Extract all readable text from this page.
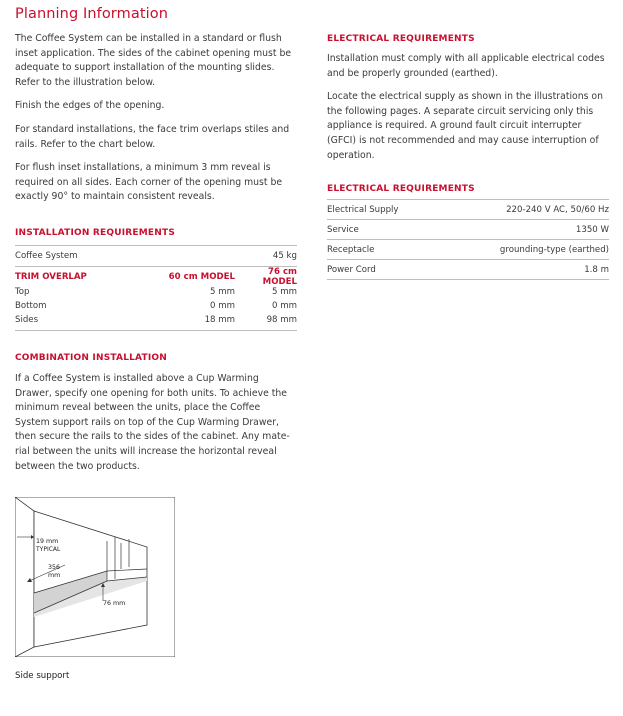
Planning Information

The Coffee System can be installed in a standard or flush inset application. The sides of the cabinet opening must be adequate to support installation of the mounting slides. Refer to the illustration below.

Finish the edges of the opening.

For standard installations, the face trim overlaps stiles and rails. Refer to the chart below.

For flush inset installations, a minimum 3 mm reveal is required on all sides. Each corner of the opening must be exactly 90° to maintain consistent reveals.

INSTALLATION REQUIREMENTS
Coffee System	45 kg
TRIM OVERLAP	60 cm MODEL	76 cm MODEL
Top	5 mm	5 mm
Bottom	0 mm	0 mm
Sides	18 mm	98 mm
COMBINATION INSTALLATION

If a Coffee System is installed above a Cup Warming Drawer, specify one opening for both units. To achieve the minimum reveal between the units, place the Coffee System support rails on top of the Cup Warming Drawer, then secure the rails to the sides of the cabinet. Any mate-rial between the units will increase the horizontal reveal between the two products.

ELECTRICAL REQUIREMENTS

Installation must comply with all applicable electrical codes and be properly grounded (earthed).

Locate the electrical supply as shown in the illustrations on the following pages. A separate circuit servicing only this appliance is required. A ground fault circuit interrupter (GFCI) is not recommended and may cause interruption of operation.

ELECTRICAL REQUIREMENTS
Electrical Supply	220-240 V AC, 50/60 Hz
Service	1350 W
Receptacle	grounding-type (earthed)
Power Cord	1.8 m
19 mm
TYPICAL
356
mm
76 mm
Side support
